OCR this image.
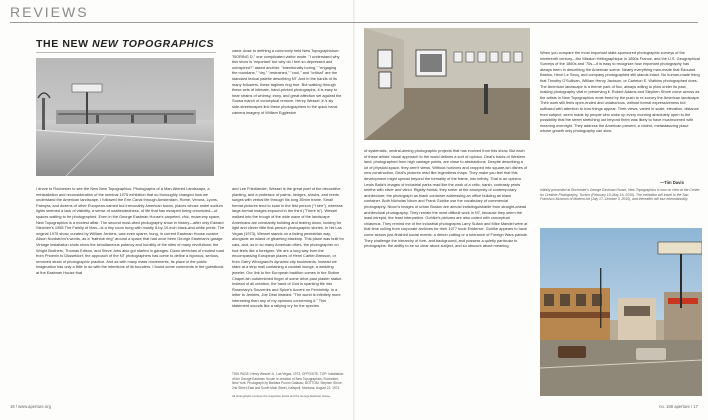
REVIEWS
THE NEW NEW TOPOGRAPHICS
I drove to Rochester to see the New New Topographics: Photographs of a Man-Altered Landscape, a reinstallation and reconsideration of the seminal 1975 exhibition that so thoroughly changed how we understand the American landscape. I followed the Erie Canal through Amsterdam, Rome, Verona, Lyons, Palmyra, and dozens of other European-named but irrevocably American towns, places whose motel sodium lights seemed a lack of visibility, a sense of unattendedness, of life that has escaped being chronicled—of spaces waiting to be photographed. Even in the George Eastman House's carpeted, chic, museumy space, New Topographics is a modest affair. The second most-cited photography show in history—after only Edward Steichen's 1955 The Family of Man—is a tiny room hung with mostly 8-by-10-inch black-and-white prints. The original 1975 show, curated by William Jenkins, was even sparer, hung, in current Eastman House curator Alison Nordström's words, as a "bathtub ring" around a space that had once been George Eastman's garage. Vintage installation shots show the simultaneous potency and humility of the sites of many revolutions: the Wright Brothers, Thomas Edison, and Steve Jobs also got started in garages. Down stretches of modest road from Phoenix to Düsseldorf, the approach of the NT photographers has come to define a rigorous, serious, removed strain of photographic practice. And as with many mass movements, its place in the public imagination has only a little to do with the intentions of its founders. I found some comments in the guestbook at the Eastman House that
came close to defining a commonly held New Topographicism: "BORING D," one complicated visitor wrote. "I understand why this show is 'important' but why do I feel so depressed and uninspired?" asked another. "Intentionally boring," "engaging the mundane," "dry," "restrained," "cool," and "critical" are the standard lexical palette describing NT. And in the hands of its many followers, these taglines ring true. But walking through these sets of intimate, hand-printed photographs, it is easy to hear strains of whimsy, irony, and great affection set against the Sousa march of conceptual remove. Henry Wessel Jr.'s sly side-streetscapes link these photographers to the quick hand-camera imagery of William Eggleston
and Lee Friedlander; Wessel is the great poet of the decorative planting, and a professor of palms, hedges, shrubs, and reeds surges with verbal life through his long 35mm frame. Small format pictures tend to scan in the first person ("I see"), whereas large-format images expound in the third ("There is"). Wessel walked into the trough of the wide wave of the landscape Americans are constantly building and tearing down, looking for light and clever little first-person photographic stories. In his Las Vegas (1973), Wessel stands on a fading pedestrian way, alongside an island of gleaming blacktop. This plane was built for cars, and, as in so many American cities, the photographer on foot feels like a foreigner. We are a long way from the encompassing European places of Henri Cartier-Bresson, or from Garry Winogrand's dynamic city boulevards. Instead we stare at a strip mall containing a cocktail lounge, a wedding jeweler. Our link to the European tradition comes in the Sixtine Chapel-ish outstretched finger of some drive-past plaster statue. Instead of all creation, the hand of God is sparking life into Rosemary's Souvenirs and Spice's Accent on Femininity. In a letter to Jenkins, Joe Deal insisted: "The world is infinitely more interesting than any of my opinions concerning it." This statement sounds like a rallying cry for the species
THIS PAGE: Henry Wessel Jr., Las Vegas, 1973; OPPOSITE, TOP: Installation of the George Eastman House re-creation of New Topographics, Rochester, New York. Photograph by Barbara Puorro Galasso; BOTTOM: Stephen Shore, 2nd Street East and South Main Street, Kalispell, Montana, August 22, 1974.
All photographs courtesy the respective artists and the George Eastman House
16 / www.aperture.org
of systematic, neutral-aiming photographic projects that has evolved from this show. But each of these artists' visual approach to the world defines a sort of opinion. Deal's tracts of Western land, photographed from high vantage points, are close to abstractions. Despite describing a lot of physical space, they aren't views. Without horizons and cropped into square-ish dishes of new construction, Deal's pictures read like legendless maps. They make you feel that this development might spread beyond the formality of the frame, into infinity. That is an opinion. Lewis Baltz's images of industrial parks read like the work of a critic, harsh, contrasty prints seethe with silver and vitriol. Rigidly frontal, they sneer at the anonymity of contemporary architecture; the photograph as blank container addressing an office building as blank container. Both Nicholas Nixon and Frank Gohlke use the vocabulary of commercial photography. Nixon's images of urban Boston are almost indistinguishable from straight-ahead architectural photography. They remain the most difficult work in NT, because they seem the least intrepid, the least interpretive. Gohlke's pictures are also coded with conceptual chiasmus. They remind me of the industrial photographs Larry Sultan and Mike Mandel were at that time culling from corporate archives for their 1977 book Evidence. Gohlke appears to have come across just-finished social events: a ribbon cutting or a tolerance of Foreign Wars parade. They challenge the hierarchy of fore- and background, and possess a quietly particular to photographs: the ability to be so clear about subject, and so obscure about meaning.
When you compare the most important state-sponsored photographic surveys of the nineteenth century—the Mission Héliographique in 1850s France, and the U.S. Geographical Surveys of the 1860s and '70s—it is easy to recognize how important photography has always been in describing the American scene. Nearly everything man-made that Édouard Baldus, Henri Le Secq, and company photographed still stands intact. No human-made thing that Timothy O'Sullivan, William Henry Jackson, or Carleton E. Watkins photographed does. The American landscape is a theme park of flux, always willing to plow under its past, making photography vital in preserving it. Robert Adams and Stephen Shore come across as the artists in New Topographics most freed by the push to re-survey the American landscape. Their work still feels open-ended and unlaborious, without formal expressiveness but suffused with attention to how things appear. Their views, varied in scale, elevation, distance from subject, seem made by people who woke up every morning absolutely open to the possibility that the street stretching out beyond them was likely to have mushroomed with meaning overnight. They address the American present, a violent, metastasizing place whose growth only photography can slow.
—Tim Davis
Initially presented at Rochester's George Eastman House, New Topographics is now on view at the Center for Creative Photography, Tucson (February 19–May 16, 2010). The exhibition will travel to the San Francisco Museum of Modern Art (July 17–October 3, 2010), and thereafter will tour internationally.
no. 198 aperture / 17
